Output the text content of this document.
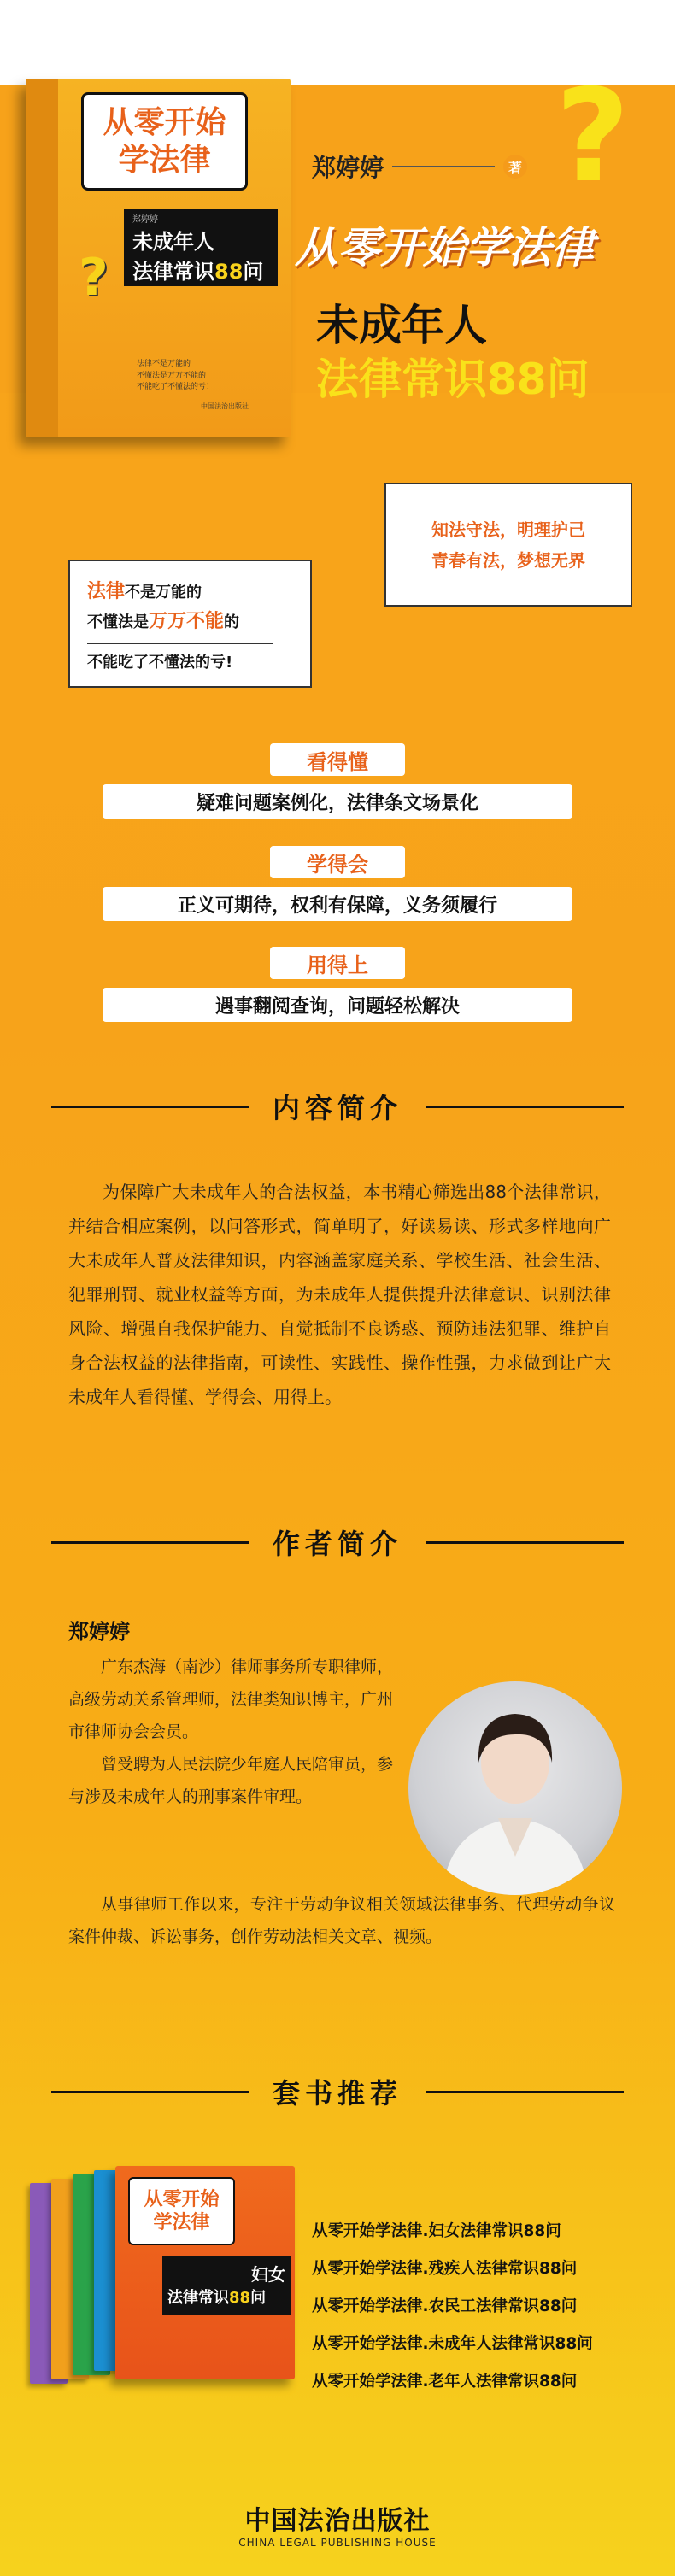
从零开始
学法律
郑婷婷
未成年人
法律常识88问
?
法律不是万能的
不懂法是万万不能的
不能吃了不懂法的亏！
中国法治出版社
郑婷婷	著 ?
从零开始学法律
未成年人
法律常识88问
知法守法，明理护己
青春有法，梦想无界
法律不是万能的
不懂法是万万不能的
不能吃了不懂法的亏!
看得懂
疑难问题案例化，法律条文场景化
学得会
正义可期待，权利有保障，义务须履行
用得上
遇事翻阅查询，问题轻松解决
内容简介
为保障广大未成年人的合法权益，本书精心筛选出88个法律常识，并结合相应案例，以问答形式，简单明了，好读易读、形式多样地向广大未成年人普及法律知识，内容涵盖家庭关系、学校生活、社会生活、犯罪刑罚、就业权益等方面，为未成年人提供提升法律意识、识别法律风险、增强自我保护能力、自觉抵制不良诱惑、预防违法犯罪、维护自身合法权益的法律指南，可读性、实践性、操作性强，力求做到让广大未成年人看得懂、学得会、用得上。
作者简介
郑婷婷
广东杰海（南沙）律师事务所专职律师，高级劳动关系管理师，法律类知识博主，广州市律师协会会员。
曾受聘为人民法院少年庭人民陪审员，参与涉及未成年人的刑事案件审理。
从事律师工作以来，专注于劳动争议相关领域法律事务、代理劳动争议案件仲裁、诉讼事务，创作劳动法相关文章、视频。
套书推荐
从零开始
学法律
妇女
法律常识88问
从零开始学法律.妇女法律常识88问
从零开始学法律.残疾人法律常识88问
从零开始学法律.农民工法律常识88问
从零开始学法律.未成年人法律常识88问
从零开始学法律.老年人法律常识88问
中国法治出版社
CHINA LEGAL PUBLISHING HOUSE
